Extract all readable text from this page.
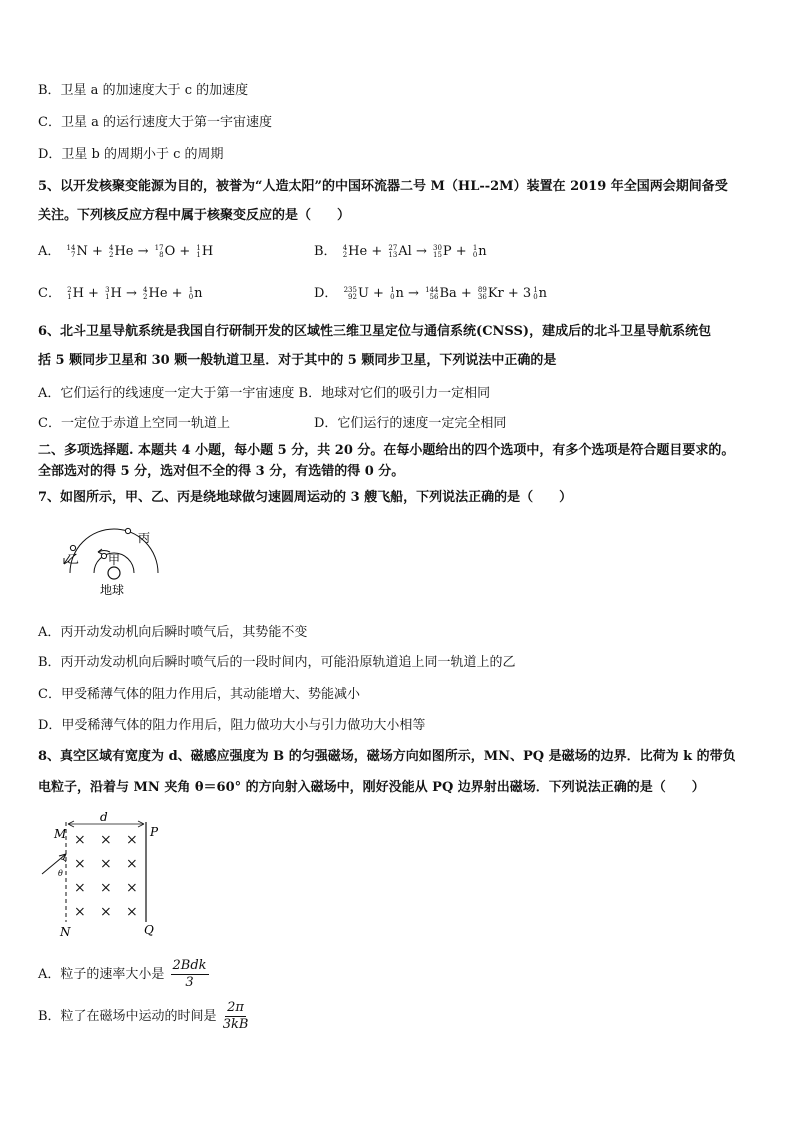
B．卫星 a 的加速度大于 c 的加速度
C．卫星 a 的运行速度大于第一宇宙速度
D．卫星 b 的周期小于 c 的周期
5、以开发核聚变能源为目的，被誉为“人造太阳”的中国环流器二号 M（HL--2M）装置在 2019 年全国两会期间备受
关注。下列核反应方程中属于核聚变反应的是（　　）
A． 14
7 N + 4
2 He → 17
8 O + 1
1 H	B． 4
2 He + 27
13 Al → 30
15 P + 1
0 n
C． 2
1 H + 3
1 H → 4
2 He + 1
0 n	D． 235
92 U + 1
0 n → 144
56 Ba + 89
36 Kr + 3 1
0 n
6、北斗卫星导航系统是我国自行研制开发的区域性三维卫星定位与通信系统(CNSS)，建成后的北斗卫星导航系统包
括 5 颗同步卫星和 30 颗一般轨道卫星．对于其中的 5 颗同步卫星，下列说法中正确的是
A．它们运行的线速度一定大于第一宇宙速度 B．地球对它们的吸引力一定相同
C．一定位于赤道上空同一轨道上	D．它们运行的速度一定完全相同
二、多项选择题. 本题共 4 小题，每小题 5 分，共 20 分。在每小题给出的四个选项中，有多个选项是符合题目要求的。
全部选对的得 5 分，选对但不全的得 3 分，有选错的得 0 分。
7、如图所示，甲、乙、丙是绕地球做匀速圆周运动的 3 艘飞船，下列说法正确的是（　　）
丙
甲
乙
地球
A．丙开动发动机向后瞬时喷气后，其势能不变
B．丙开动发动机向后瞬时喷气后的一段时间内，可能沿原轨道追上同一轨道上的乙
C．甲受稀薄气体的阻力作用后，其动能增大、势能减小
D．甲受稀薄气体的阻力作用后，阻力做功大小与引力做功大小相等
8、真空区域有宽度为 d、磁感应强度为 B 的匀强磁场，磁场方向如图所示，MN、PQ 是磁场的边界．比荷为 k 的带负
电粒子，沿着与 MN 夹角 θ＝60° 的方向射入磁场中，刚好没能从 PQ 边界射出磁场．下列说法正确的是（　　）
d
M	P
N	Q
θ
× × ×
× × ×
× × ×
× × ×
A．粒子的速率大小是 $\frac{\text{2Bdk}}{3}$
B．粒了在磁场中运动的时间是 $\frac{2\pi}{3kB}$
